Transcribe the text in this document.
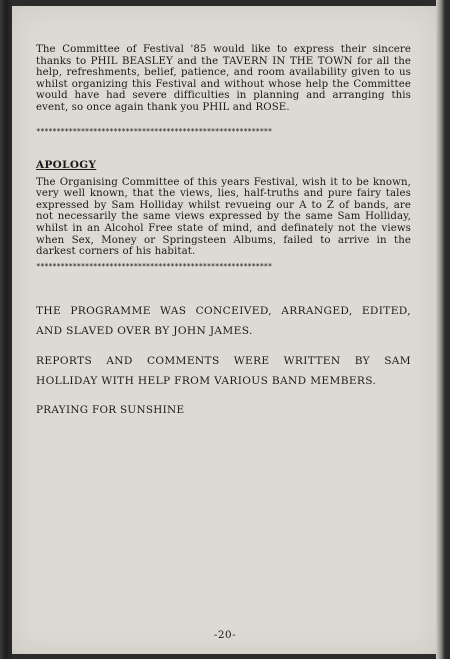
The Committee of Festival '85 would like to express their sincere thanks to PHIL BEASLEY and the TAVERN IN THE TOWN for all the help, refreshments, belief, patience, and room availability given to us whilst organizing this Festival and without whose help the Committee would have had severe difficulties in planning and arranging this event, so once again thank you PHIL and ROSE.

**********************************************************

APOLOGY

The Organising Committee of this years Festival, wish it to be known, very well known, that the views, lies, half-truths and pure fairy tales expressed by Sam Holliday whilst revueing our A to Z of bands, are not necessarily the same views expressed by the same Sam Holliday, whilst in an Alcohol Free state of mind, and definately not the views when Sex, Money or Springsteen Albums, failed to arrive in the darkest corners of his habitat.

**********************************************************

THE PROGRAMME WAS CONCEIVED, ARRANGED, EDITED, AND SLAVED OVER BY JOHN JAMES.

REPORTS AND COMMENTS WERE WRITTEN BY SAM HOLLIDAY WITH HELP FROM VARIOUS BAND MEMBERS.

PRAYING FOR SUNSHINE

-20-
